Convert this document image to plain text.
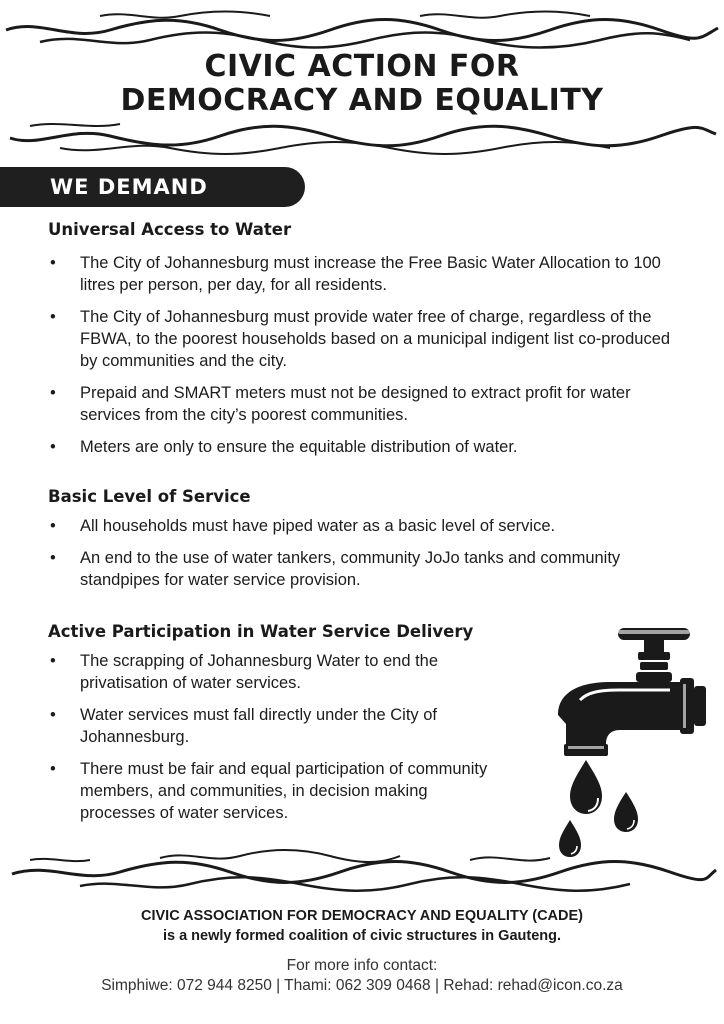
CIVIC ACTION FOR
DEMOCRACY AND EQUALITY
WE DEMAND
Universal Access to Water
• The City of Johannesburg must increase the Free Basic Water Allocation to 100 litres per person, per day, for all residents.
• The City of Johannesburg must provide water free of charge, regardless of the FBWA, to the poorest households based on a municipal indigent list co-produced by communities and the city.
• Prepaid and SMART meters must not be designed to extract profit for water services from the city’s poorest communities.
• Meters are only to ensure the equitable distribution of water.
Basic Level of Service
• All households must have piped water as a basic level of service.
• An end to the use of water tankers, community JoJo tanks and community standpipes for water service provision.
Active Participation in Water Service Delivery
• The scrapping of Johannesburg Water to end the privatisation of water services.
• Water services must fall directly under the City of Johannesburg.
• There must be fair and equal participation of community members, and communities, in decision making processes of water services.
CIVIC ASSOCIATION FOR DEMOCRACY AND EQUALITY (CADE)
is a newly formed coalition of civic structures in Gauteng.
For more info contact:
Simphiwe: 072 944 8250 | Thami: 062 309 0468 | Rehad: rehad@icon.co.za
